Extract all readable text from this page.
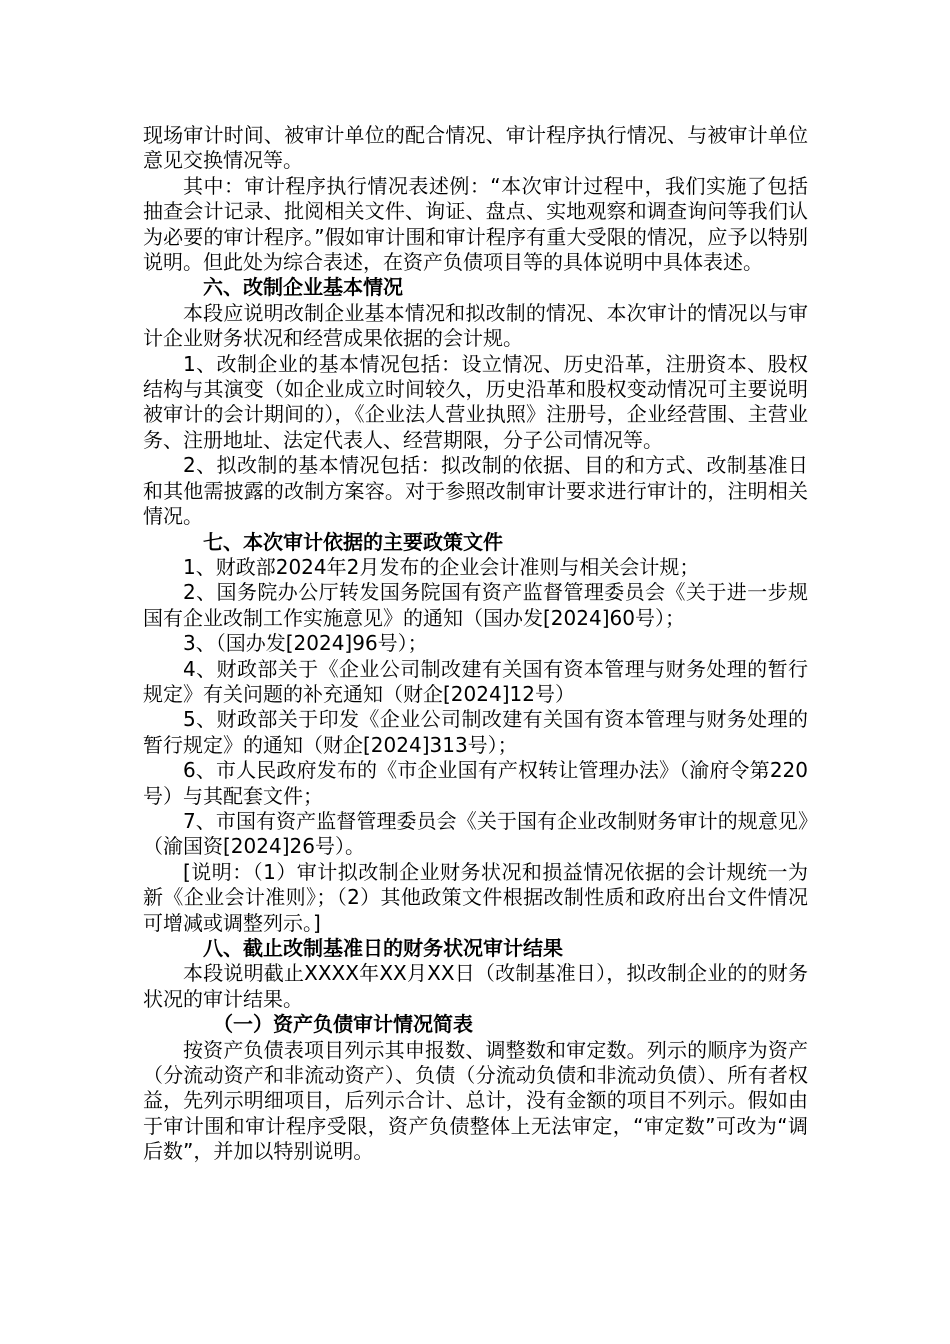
现场审计时间、被审计单位的配合情况、审计程序执行情况、与被审计单位意见交换情况等。

其中：审计程序执行情况表述例：“本次审计过程中，我们实施了包括抽查会计记录、批阅相关文件、询证、盘点、实地观察和调查询问等我们认为必要的审计程序。”假如审计围和审计程序有重大受限的情况，应予以特别说明。但此处为综合表述，在资产负债项目等的具体说明中具体表述。

六、改制企业基本情况

本段应说明改制企业基本情况和拟改制的情况、本次审计的情况以与审计企业财务状况和经营成果依据的会计规。

1、改制企业的基本情况包括：设立情况、历史沿革，注册资本、股权结构与其演变（如企业成立时间较久，历史沿革和股权变动情况可主要说明被审计的会计期间的），《企业法人营业执照》注册号，企业经营围、主营业务、注册地址、法定代表人、经营期限，分子公司情况等。

2、拟改制的基本情况包括：拟改制的依据、目的和方式、改制基准日和其他需披露的改制方案容。对于参照改制审计要求进行审计的，注明相关情况。

七、本次审计依据的主要政策文件

1、财政部2024年2月发布的企业会计准则与相关会计规；

2、国务院办公厅转发国务院国有资产监督管理委员会《关于进一步规国有企业改制工作实施意见》的通知（国办发[2024]60号）；

3、（国办发[2024]96号）；

4、财政部关于《企业公司制改建有关国有资本管理与财务处理的暂行规定》有关问题的补充通知（财企[2024]12号）

5、财政部关于印发《企业公司制改建有关国有资本管理与财务处理的暂行规定》的通知（财企[2024]313号）；

6、市人民政府发布的《市企业国有产权转让管理办法》（渝府令第220号）与其配套文件；

7、市国有资产监督管理委员会《关于国有企业改制财务审计的规意见》（渝国资[2024]26号）。

[说明：（1）审计拟改制企业财务状况和损益情况依据的会计规统一为新《企业会计准则》；（2）其他政策文件根据改制性质和政府出台文件情况可增减或调整列示。]

八、截止改制基准日的财务状况审计结果

本段说明截止XXXX年XX月XX日（改制基准日），拟改制企业的的财务状况的审计结果。

（一）资产负债审计情况简表

按资产负债表项目列示其申报数、调整数和审定数。列示的顺序为资产（分流动资产和非流动资产）、负债（分流动负债和非流动负债）、所有者权益，先列示明细项目，后列示合计、总计，没有金额的项目不列示。假如由于审计围和审计程序受限，资产负债整体上无法审定，“审定数”可改为“调后数”，并加以特别说明。
